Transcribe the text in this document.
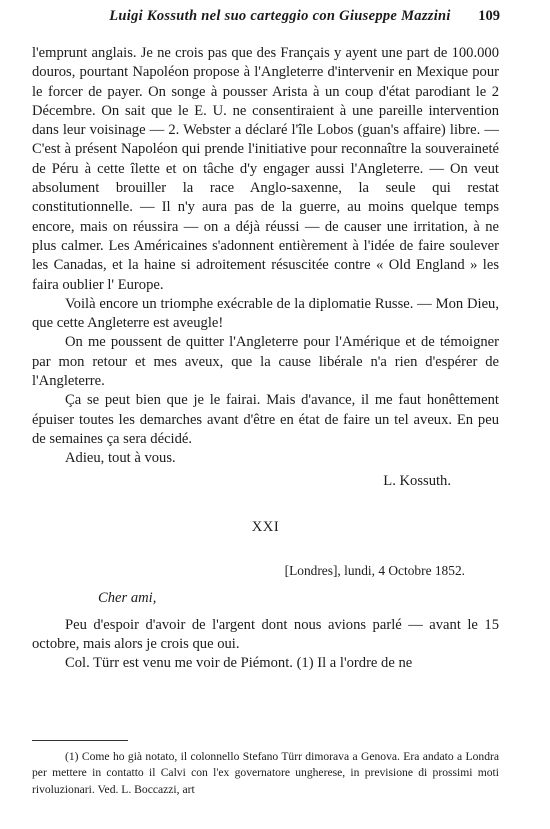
Luigi Kossuth nel suo carteggio con Giuseppe Mazzini	109

l'emprunt anglais. Je ne crois pas que des Français y ayent une part de 100.000 douros, pourtant Napoléon propose à l'Angleterre d'intervenir en Mexique pour le forcer de payer. On songe à pousser Arista à un coup d'état parodiant le 2 Décembre. On sait que le E. U. ne consentiraient à une pareille intervention dans leur voisinage — 2. Webster a déclaré l'île Lobos (guan's affaire) libre. — C'est à présent Napoléon qui prende l'initiative pour reconnaître la souveraineté de Péru à cette îlette et on tâche d'y engager aussi l'Angleterre. — On veut absolument brouiller la race Anglo-saxenne, la seule qui restat constitutionnelle. — Il n'y aura pas de la guerre, au moins quelque temps encore, mais on réussira — on a déjà réussi — de causer une irritation, à ne plus calmer. Les Américaines s'adonnent entièrement à l'idée de faire soulever les Canadas, et la haine si adroitement résuscitée contre « Old England » les faira oublier l' Europe.

Voilà encore un triomphe exécrable de la diplomatie Russe. — Mon Dieu, que cette Angleterre est aveugle!

On me poussent de quitter l'Angleterre pour l'Amérique et de témoigner par mon retour et mes aveux, que la cause libérale n'a rien d'espérer de l'Angleterre.

Ça se peut bien que je le fairai. Mais d'avance, il me faut honêttement épuiser toutes les demarches avant d'être en état de faire un tel aveux. En peu de semaines ça sera décidé.

Adieu, tout à vous.

L. Kossuth.

XXI

[Londres], lundi, 4 Octobre 1852.

Cher ami,

Peu d'espoir d'avoir de l'argent dont nous avions parlé — avant le 15 octobre, mais alors je crois que oui.

Col. Türr est venu me voir de Piémont. (1) Il a l'ordre de ne

(1) Come ho già notato, il colonnello Stefano Türr dimorava a Genova. Era andato a Londra per mettere in contatto il Calvi con l'ex governatore ungherese, in previsione di prossimi moti rivoluzionari. Ved. L. Boccazzi, art
